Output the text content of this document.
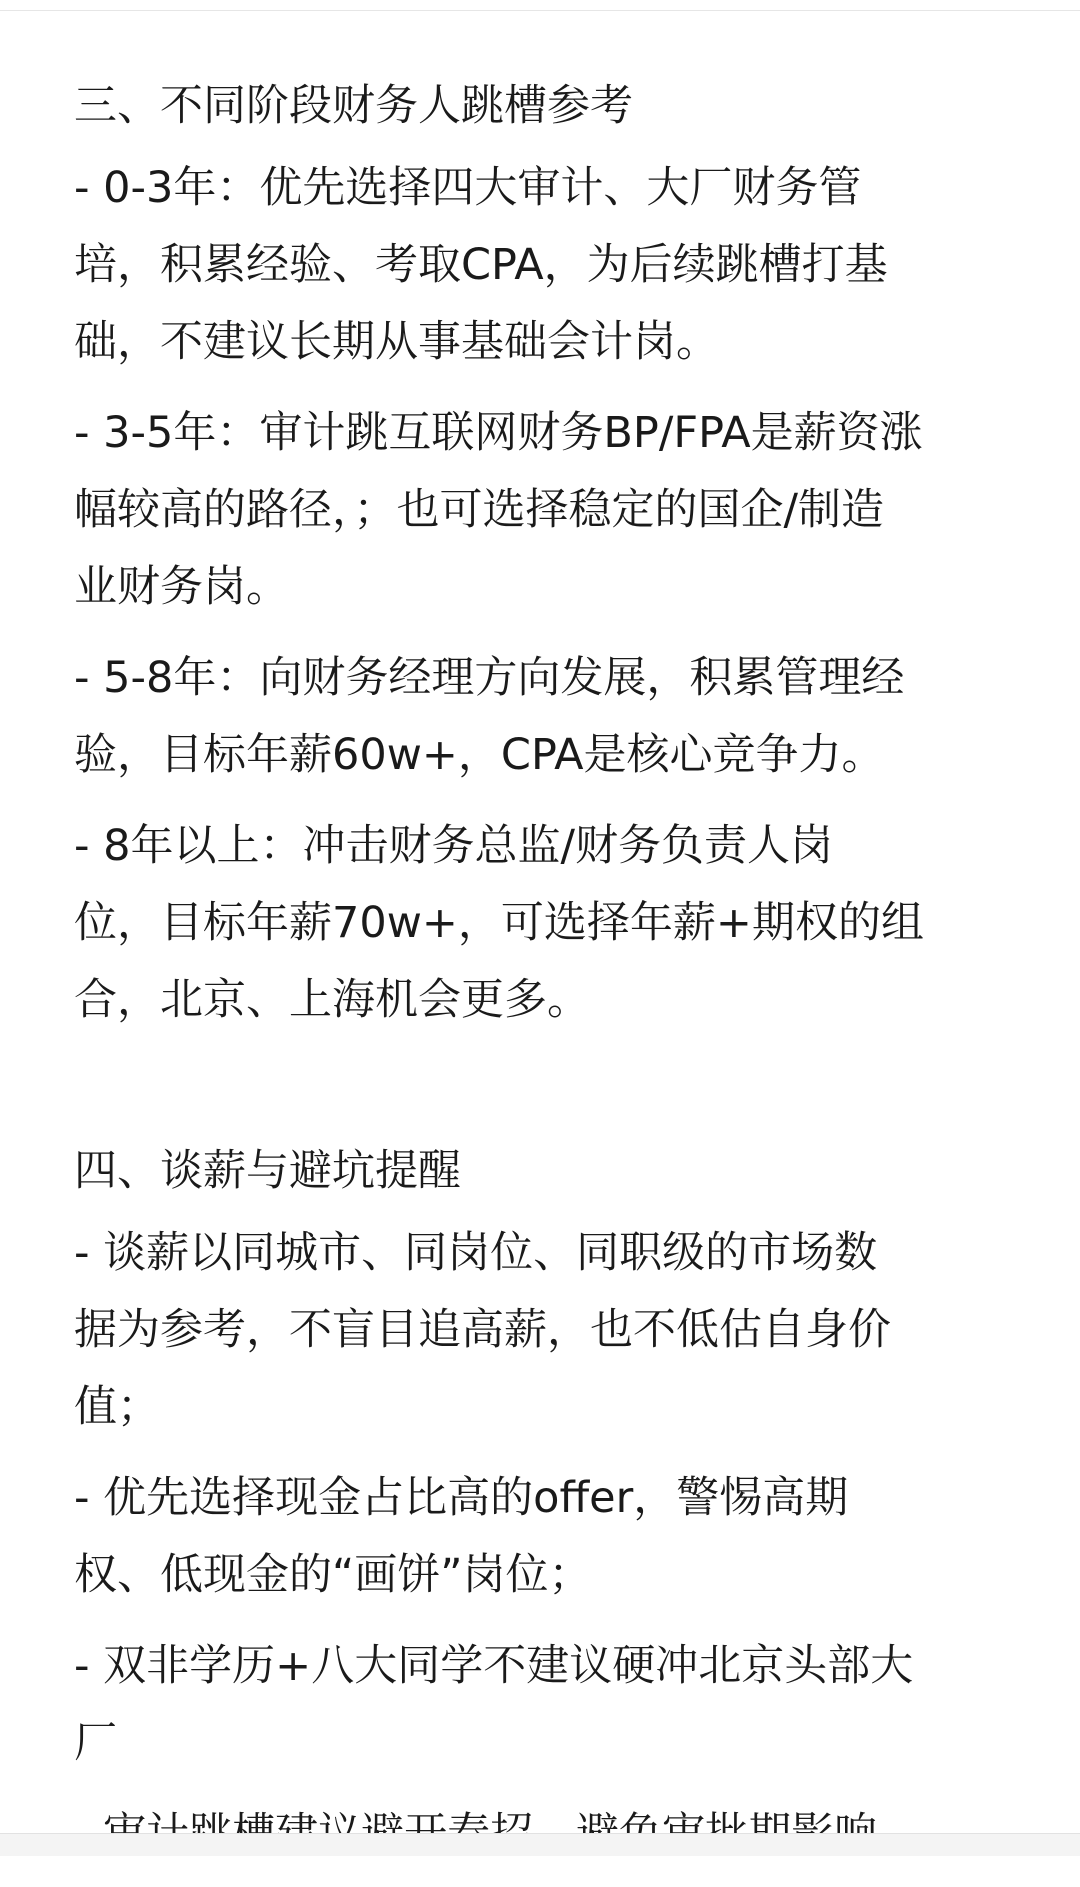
三、不同阶段财务人跳槽参考
- 0-3年：优先选择四大审计、大厂财务管
培，积累经验、考取CPA，为后续跳槽打基
础，不建议长期从事基础会计岗。
- 3-5年：审计跳互联网财务BP/FPA是薪资涨
幅较高的路径，；也可选择稳定的国企/制造
业财务岗。
- 5-8年：向财务经理方向发展，积累管理经
验，目标年薪60w+，CPA是核心竞争力。
- 8年以上：冲击财务总监/财务负责人岗
位，目标年薪70w+，可选择年薪+期权的组
合，北京、上海机会更多。
四、谈薪与避坑提醒
- 谈薪以同城市、同岗位、同职级的市场数
据为参考，不盲目追高薪，也不低估自身价
值；
- 优先选择现金占比高的offer，警惕高期
权、低现金的“画饼”岗位；
- 双非学历+八大同学不建议硬冲北京头部大
厂
